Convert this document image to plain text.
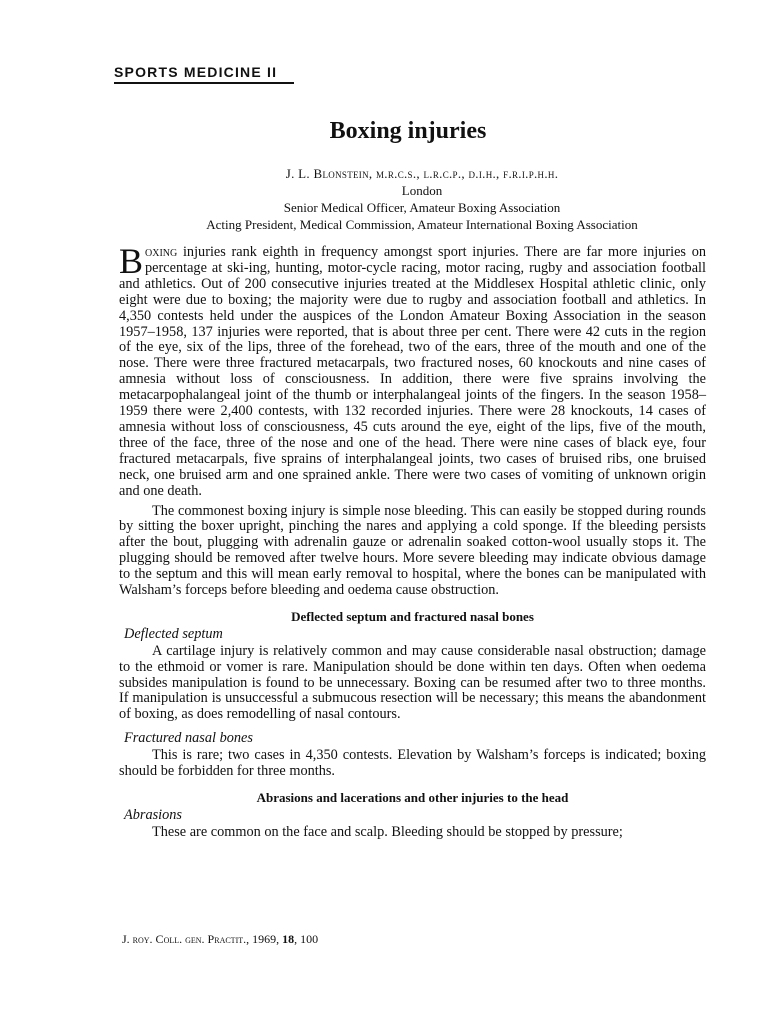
SPORTS MEDICINE II
Boxing injuries
J. L. Blonstein, m.r.c.s., l.r.c.p., d.i.h., f.r.i.p.h.h.
London
Senior Medical Officer, Amateur Boxing Association
Acting President, Medical Commission, Amateur International Boxing Association

Boxing injuries rank eighth in frequency amongst sport injuries. There are far more injuries on percentage at ski-ing, hunting, motor-cycle racing, motor racing, rugby and association football and athletics. Out of 200 consecutive injuries treated at the Middlesex Hospital athletic clinic, only eight were due to boxing; the majority were due to rugby and association football and athletics. In 4,350 contests held under the auspices of the London Amateur Boxing Association in the season 1957–1958, 137 injuries were reported, that is about three per cent. There were 42 cuts in the region of the eye, six of the lips, three of the forehead, two of the ears, three of the mouth and one of the nose. There were three fractured metacarpals, two fractured noses, 60 knockouts and nine cases of amnesia without loss of consciousness. In addition, there were five sprains involving the metacarpophalangeal joint of the thumb or interphalangeal joints of the fingers. In the season 1958–1959 there were 2,400 contests, with 132 recorded injuries. There were 28 knockouts, 14 cases of amnesia without loss of consciousness, 45 cuts around the eye, eight of the lips, five of the mouth, three of the face, three of the nose and one of the head. There were nine cases of black eye, four fractured metacarpals, five sprains of interphalangeal joints, two cases of bruised ribs, one bruised neck, one bruised arm and one sprained ankle. There were two cases of vomiting of unknown origin and one death.

The commonest boxing injury is simple nose bleeding. This can easily be stopped during rounds by sitting the boxer upright, pinching the nares and applying a cold sponge. If the bleeding persists after the bout, plugging with adrenalin gauze or adrenalin soaked cotton-wool usually stops it. The plugging should be removed after twelve hours. More severe bleeding may indicate obvious damage to the septum and this will mean early removal to hospital, where the bones can be manipulated with Walsham’s forceps before bleeding and oedema cause obstruction.

Deflected septum and fractured nasal bones

Deflected septum

A cartilage injury is relatively common and may cause considerable nasal obstruction; damage to the ethmoid or vomer is rare. Manipulation should be done within ten days. Often when oedema subsides manipulation is found to be unnecessary. Boxing can be resumed after two to three months. If manipulation is unsuccessful a submucous resection will be necessary; this means the abandonment of boxing, as does remodelling of nasal contours.

Fractured nasal bones

This is rare; two cases in 4,350 contests. Elevation by Walsham’s forceps is indicated; boxing should be forbidden for three months.

Abrasions and lacerations and other injuries to the head

Abrasions

These are common on the face and scalp. Bleeding should be stopped by pressure;

J. roy. Coll. gen. Practit., 1969, 18, 100
